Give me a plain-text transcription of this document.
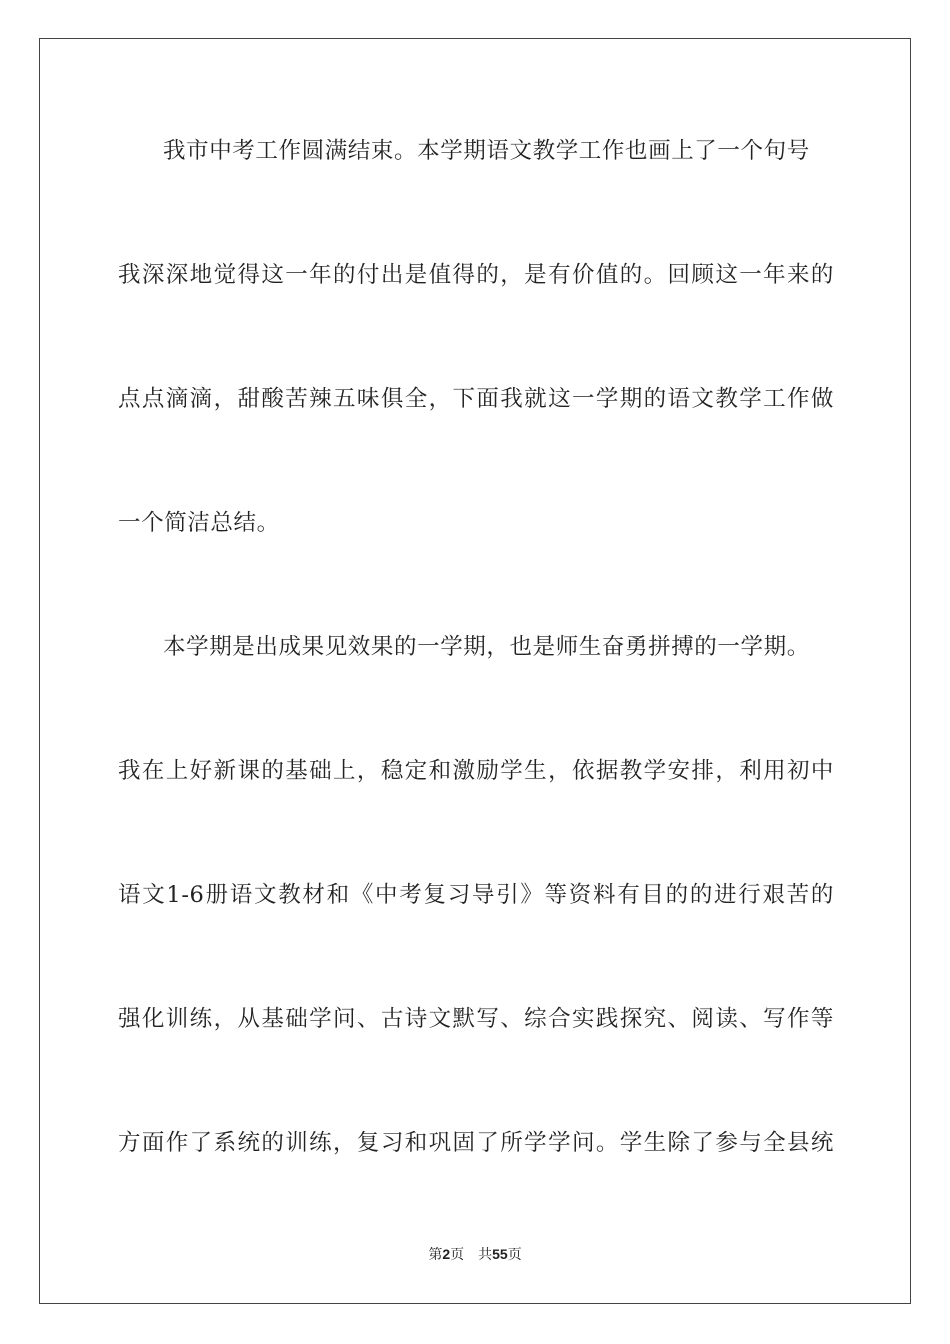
我市中考工作圆满结束。本学期语文教学工作也画上了一个句号
我深深地觉得这一年的付出是值得的，是有价值的。回顾这一年来的
点点滴滴，甜酸苦辣五味俱全，下面我就这一学期的语文教学工作做
一个简洁总结。
本学期是出成果见效果的一学期，也是师生奋勇拼搏的一学期。
我在上好新课的基础上，稳定和激励学生，依据教学安排，利用初中
语文1-6册语文教材和《中考复习导引》等资料有目的的进行艰苦的
强化训练，从基础学问、古诗文默写、综合实践探究、阅读、写作等
方面作了系统的训练，复习和巩固了所学学问。学生除了参与全县统
第2页 共55页
